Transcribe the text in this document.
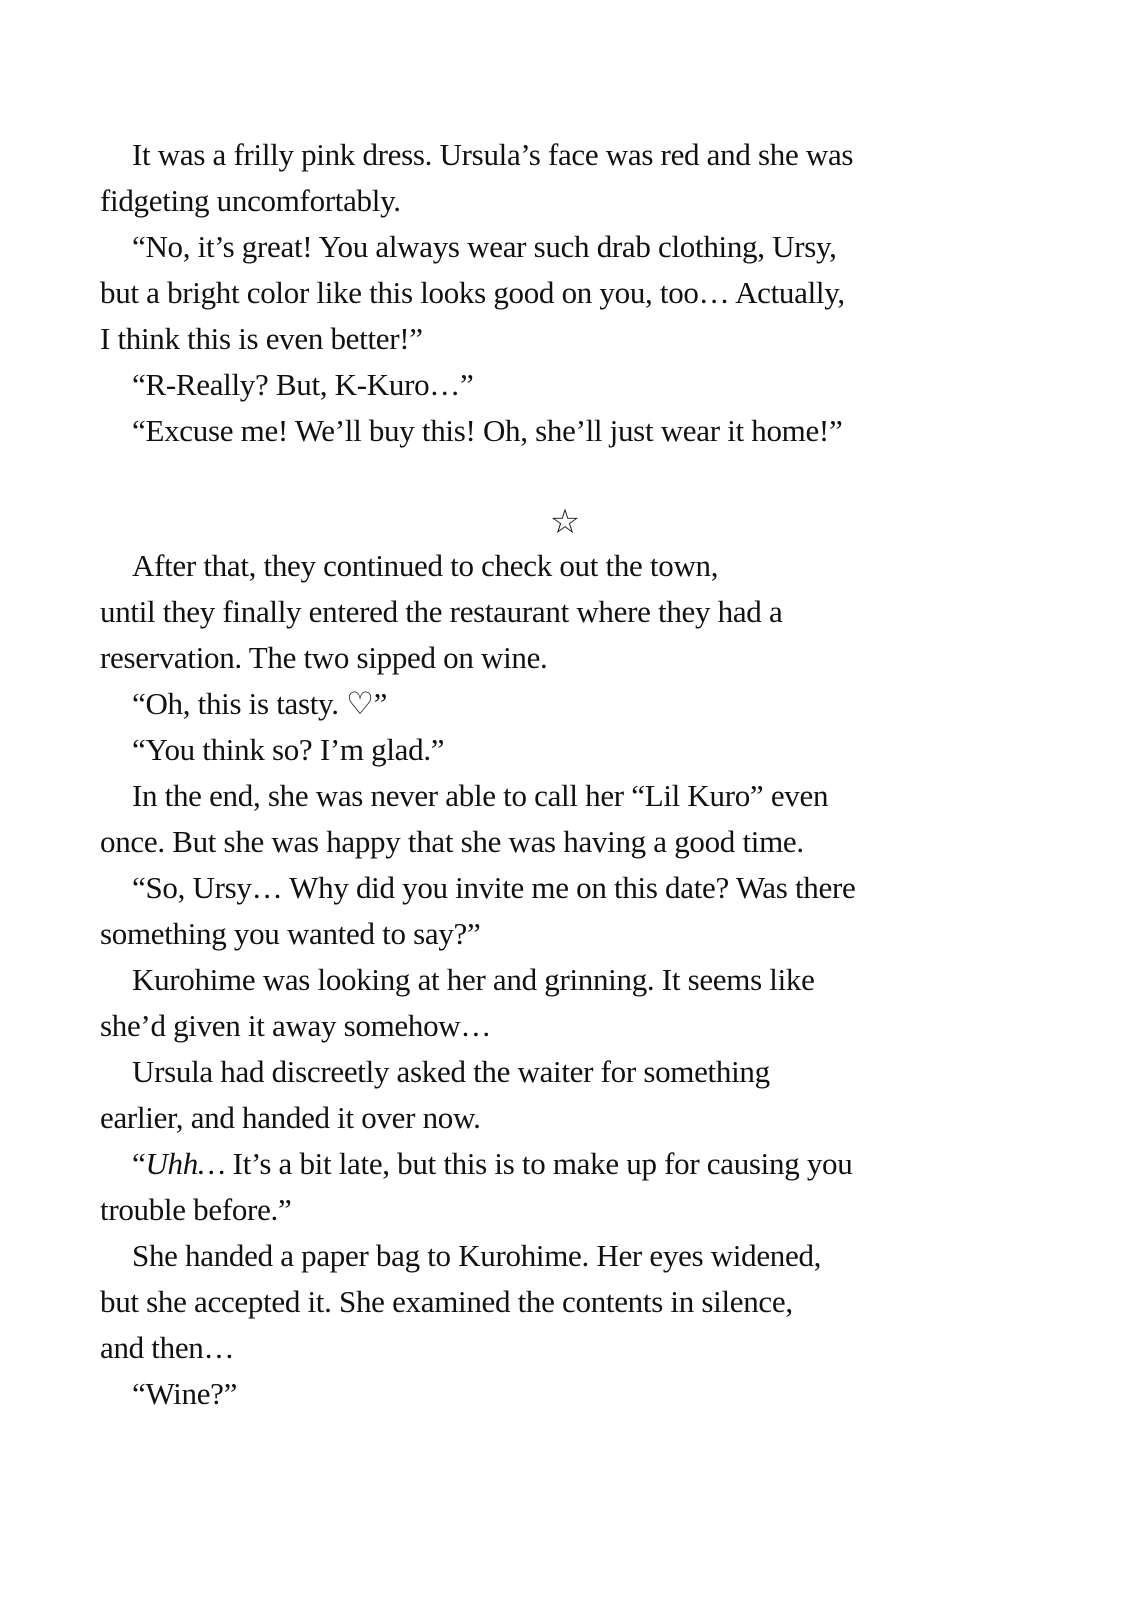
It was a frilly pink dress. Ursula’s face was red and she was
fidgeting uncomfortably.
“No, it’s great! You always wear such drab clothing, Ursy,
but a bright color like this looks good on you, too… Actually,
I think this is even better!”
“R-Really? But, K-Kuro…”
“Excuse me! We’ll buy this! Oh, she’ll just wear it home!”
☆
After that, they continued to check out the town,
until they finally entered the restaurant where they had a
reservation. The two sipped on wine.
“Oh, this is tasty. ♡”
“You think so? I’m glad.”
In the end, she was never able to call her “Lil Kuro” even
once. But she was happy that she was having a good time.
“So, Ursy… Why did you invite me on this date? Was there
something you wanted to say?”
Kurohime was looking at her and grinning. It seems like
she’d given it away somehow…
Ursula had discreetly asked the waiter for something
earlier, and handed it over now.
“Uhh… It’s a bit late, but this is to make up for causing you
trouble before.”
She handed a paper bag to Kurohime. Her eyes widened,
but she accepted it. She examined the contents in silence,
and then…
“Wine?”
